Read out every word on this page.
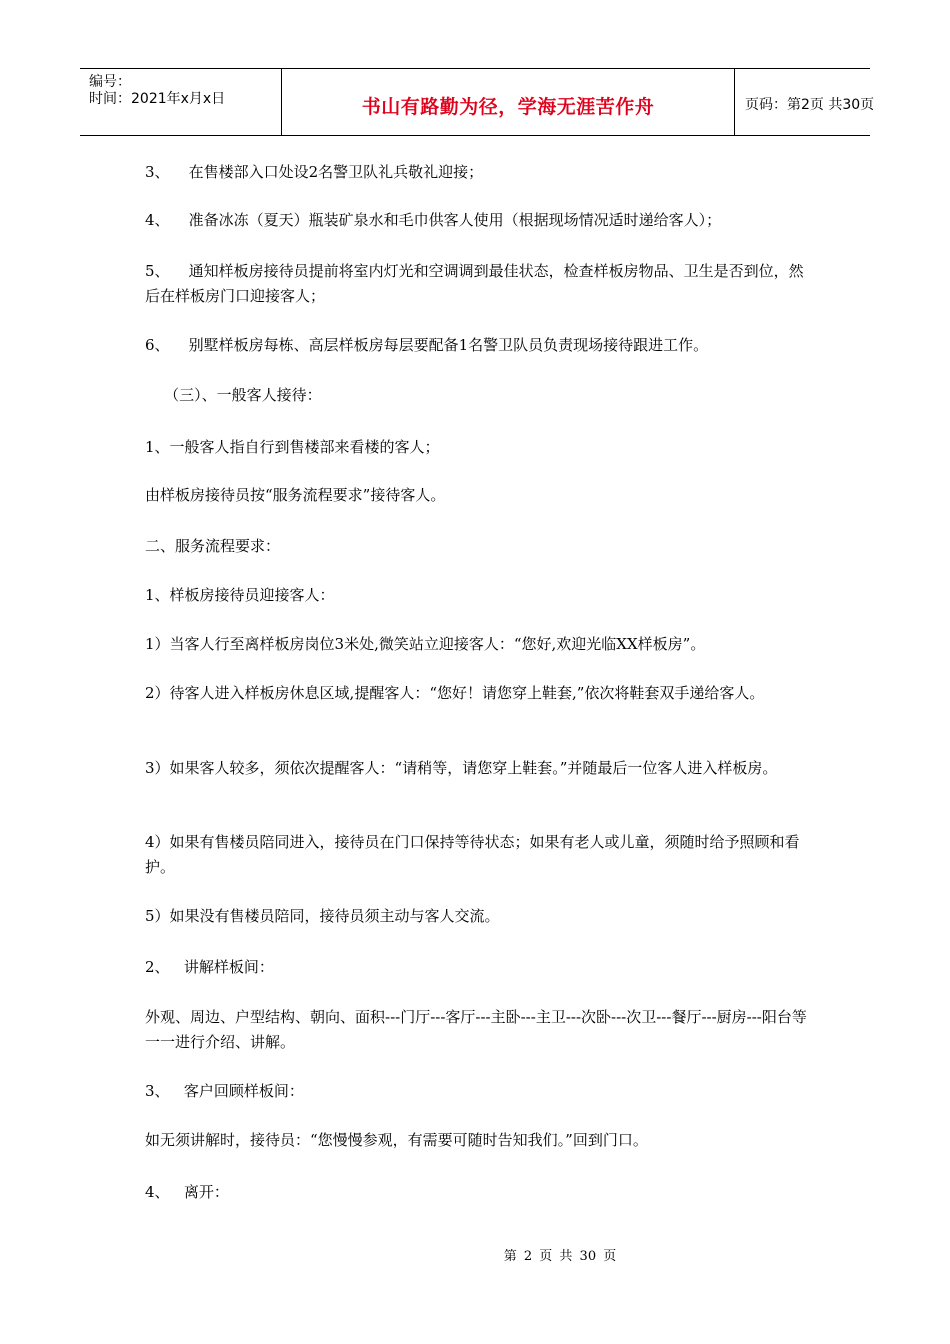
编号：
时间：2021年x月x日	书山有路勤为径，学海无涯苦作舟	页码：第2页 共30页
3、    在售楼部入口处设2名警卫队礼兵敬礼迎接；
4、    准备冰冻（夏天）瓶装矿泉水和毛巾供客人使用（根据现场情况适时递给客人）；
5、    通知样板房接待员提前将室内灯光和空调调到最佳状态，检查样板房物品、卫生是否到位，然后在样板房门口迎接客人；
6、    别墅样板房每栋、高层样板房每层要配备1名警卫队员负责现场接待跟进工作。
（三）、一般客人接待：
1、一般客人指自行到售楼部来看楼的客人；
由样板房接待员按“服务流程要求”接待客人。
二、服务流程要求：
1、样板房接待员迎接客人：
1）当客人行至离样板房岗位3米处,微笑站立迎接客人：“您好,欢迎光临XX样板房”。
2）待客人进入样板房休息区域,提醒客人：“您好！请您穿上鞋套,”依次将鞋套双手递给客人。
3）如果客人较多，须依次提醒客人：“请稍等，请您穿上鞋套。”并随最后一位客人进入样板房。
4）如果有售楼员陪同进入，接待员在门口保持等待状态；如果有老人或儿童，须随时给予照顾和看护。
5）如果没有售楼员陪同，接待员须主动与客人交流。
2、   讲解样板间：
外观、周边、户型结构、朝向、面积---门厅---客厅---主卧---主卫---次卧---次卫---餐厅---厨房---阳台等一一进行介绍、讲解。
3、   客户回顾样板间：
如无须讲解时，接待员：“您慢慢参观，有需要可随时告知我们。”回到门口。
4、   离开：
第 2 页 共 30 页
